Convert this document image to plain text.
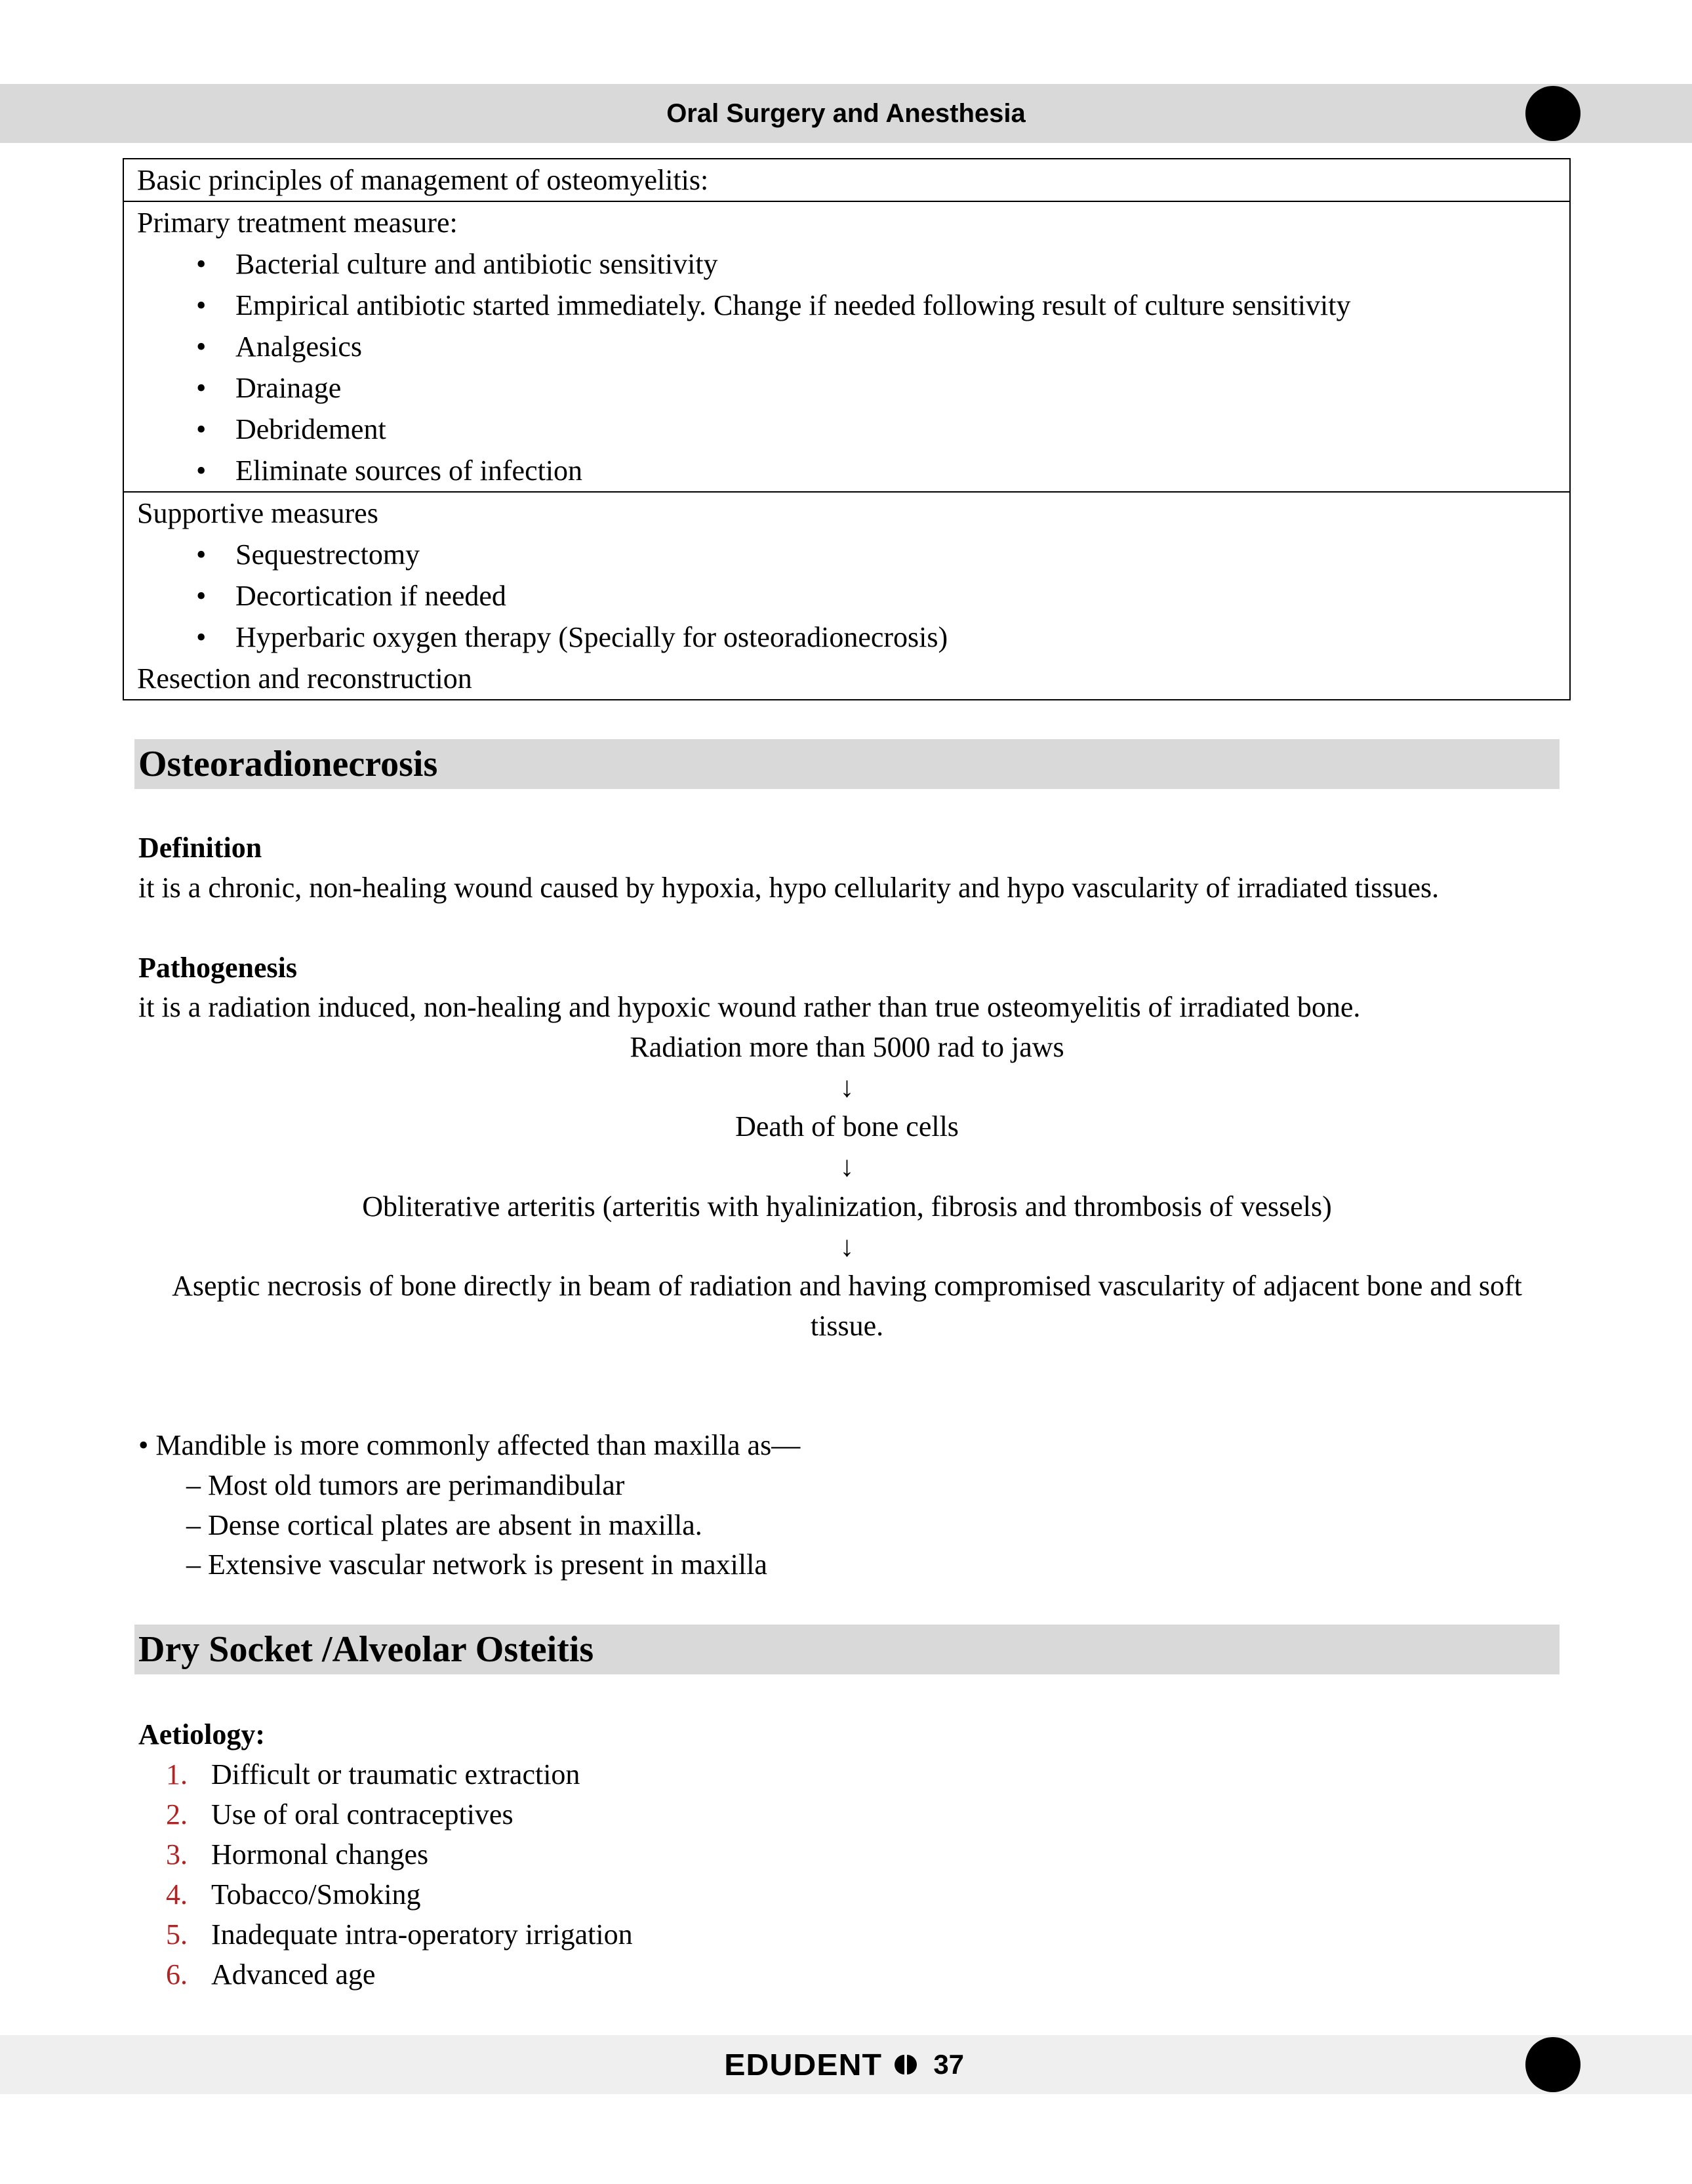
Oral Surgery and Anesthesia
Basic principles of management of osteomyelitis:

Primary treatment measure:
• Bacterial culture and antibiotic sensitivity
• Empirical antibiotic started immediately. Change if needed following result of culture sensitivity
• Analgesics
• Drainage
• Debridement
• Eliminate sources of infection

Supportive measures
• Sequestrectomy
• Decortication if needed
• Hyperbaric oxygen therapy (Specially for osteoradionecrosis)
Resection and reconstruction
Osteoradionecrosis
Definition
it is a chronic, non-healing wound caused by hypoxia, hypo cellularity and hypo vascularity of irradiated tissues.
Pathogenesis
it is a radiation induced, non-healing and hypoxic wound rather than true osteomyelitis of irradiated bone.
Radiation more than 5000 rad to jaws
↓
Death of bone cells
↓
Obliterative arteritis (arteritis with hyalinization, fibrosis and thrombosis of vessels)
↓
Aseptic necrosis of bone directly in beam of radiation and having compromised vascularity of adjacent bone and soft tissue.
• Mandible is more commonly affected than maxilla as—
– Most old tumors are perimandibular
– Dense cortical plates are absent in maxilla.
– Extensive vascular network is present in maxilla
Dry Socket /Alveolar Osteitis
Aetiology:
1. Difficult or traumatic extraction
2. Use of oral contraceptives
3. Hormonal changes
4. Tobacco/Smoking
5. Inadequate intra-operatory irrigation
6. Advanced age
EDUDENT 37
